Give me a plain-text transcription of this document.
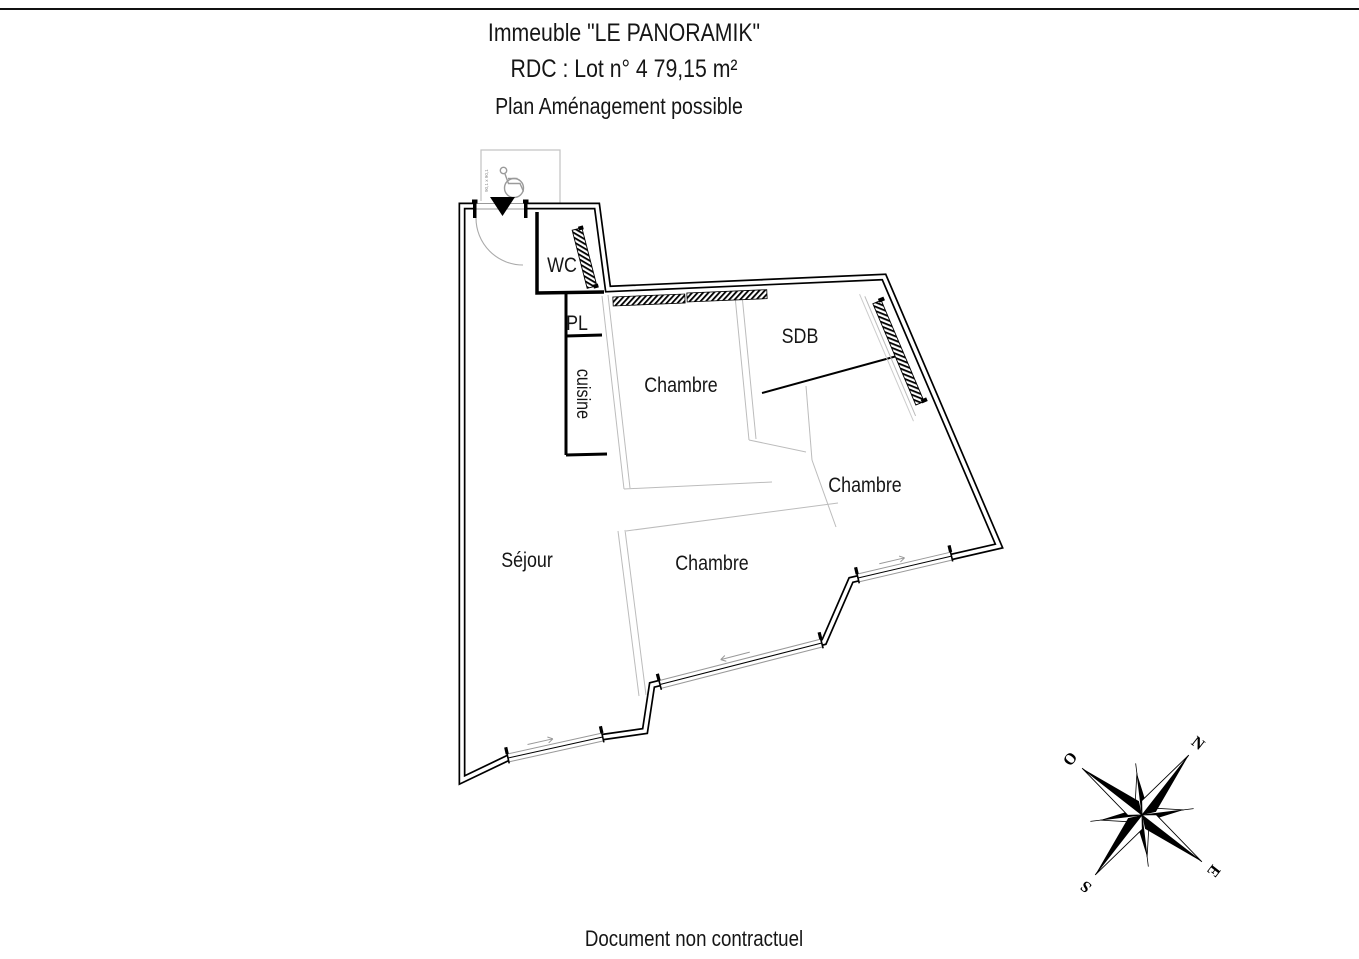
Immeuble "LE PANORAMIK"
RDC : Lot n° 4 79,15 m²
Plan Aménagement possible
90,1 x 90,1
N
E
S
O
WC
PL
cuisine	Chambre
SDB
Chambre
Chambre
Séjour
Document non contractuel
